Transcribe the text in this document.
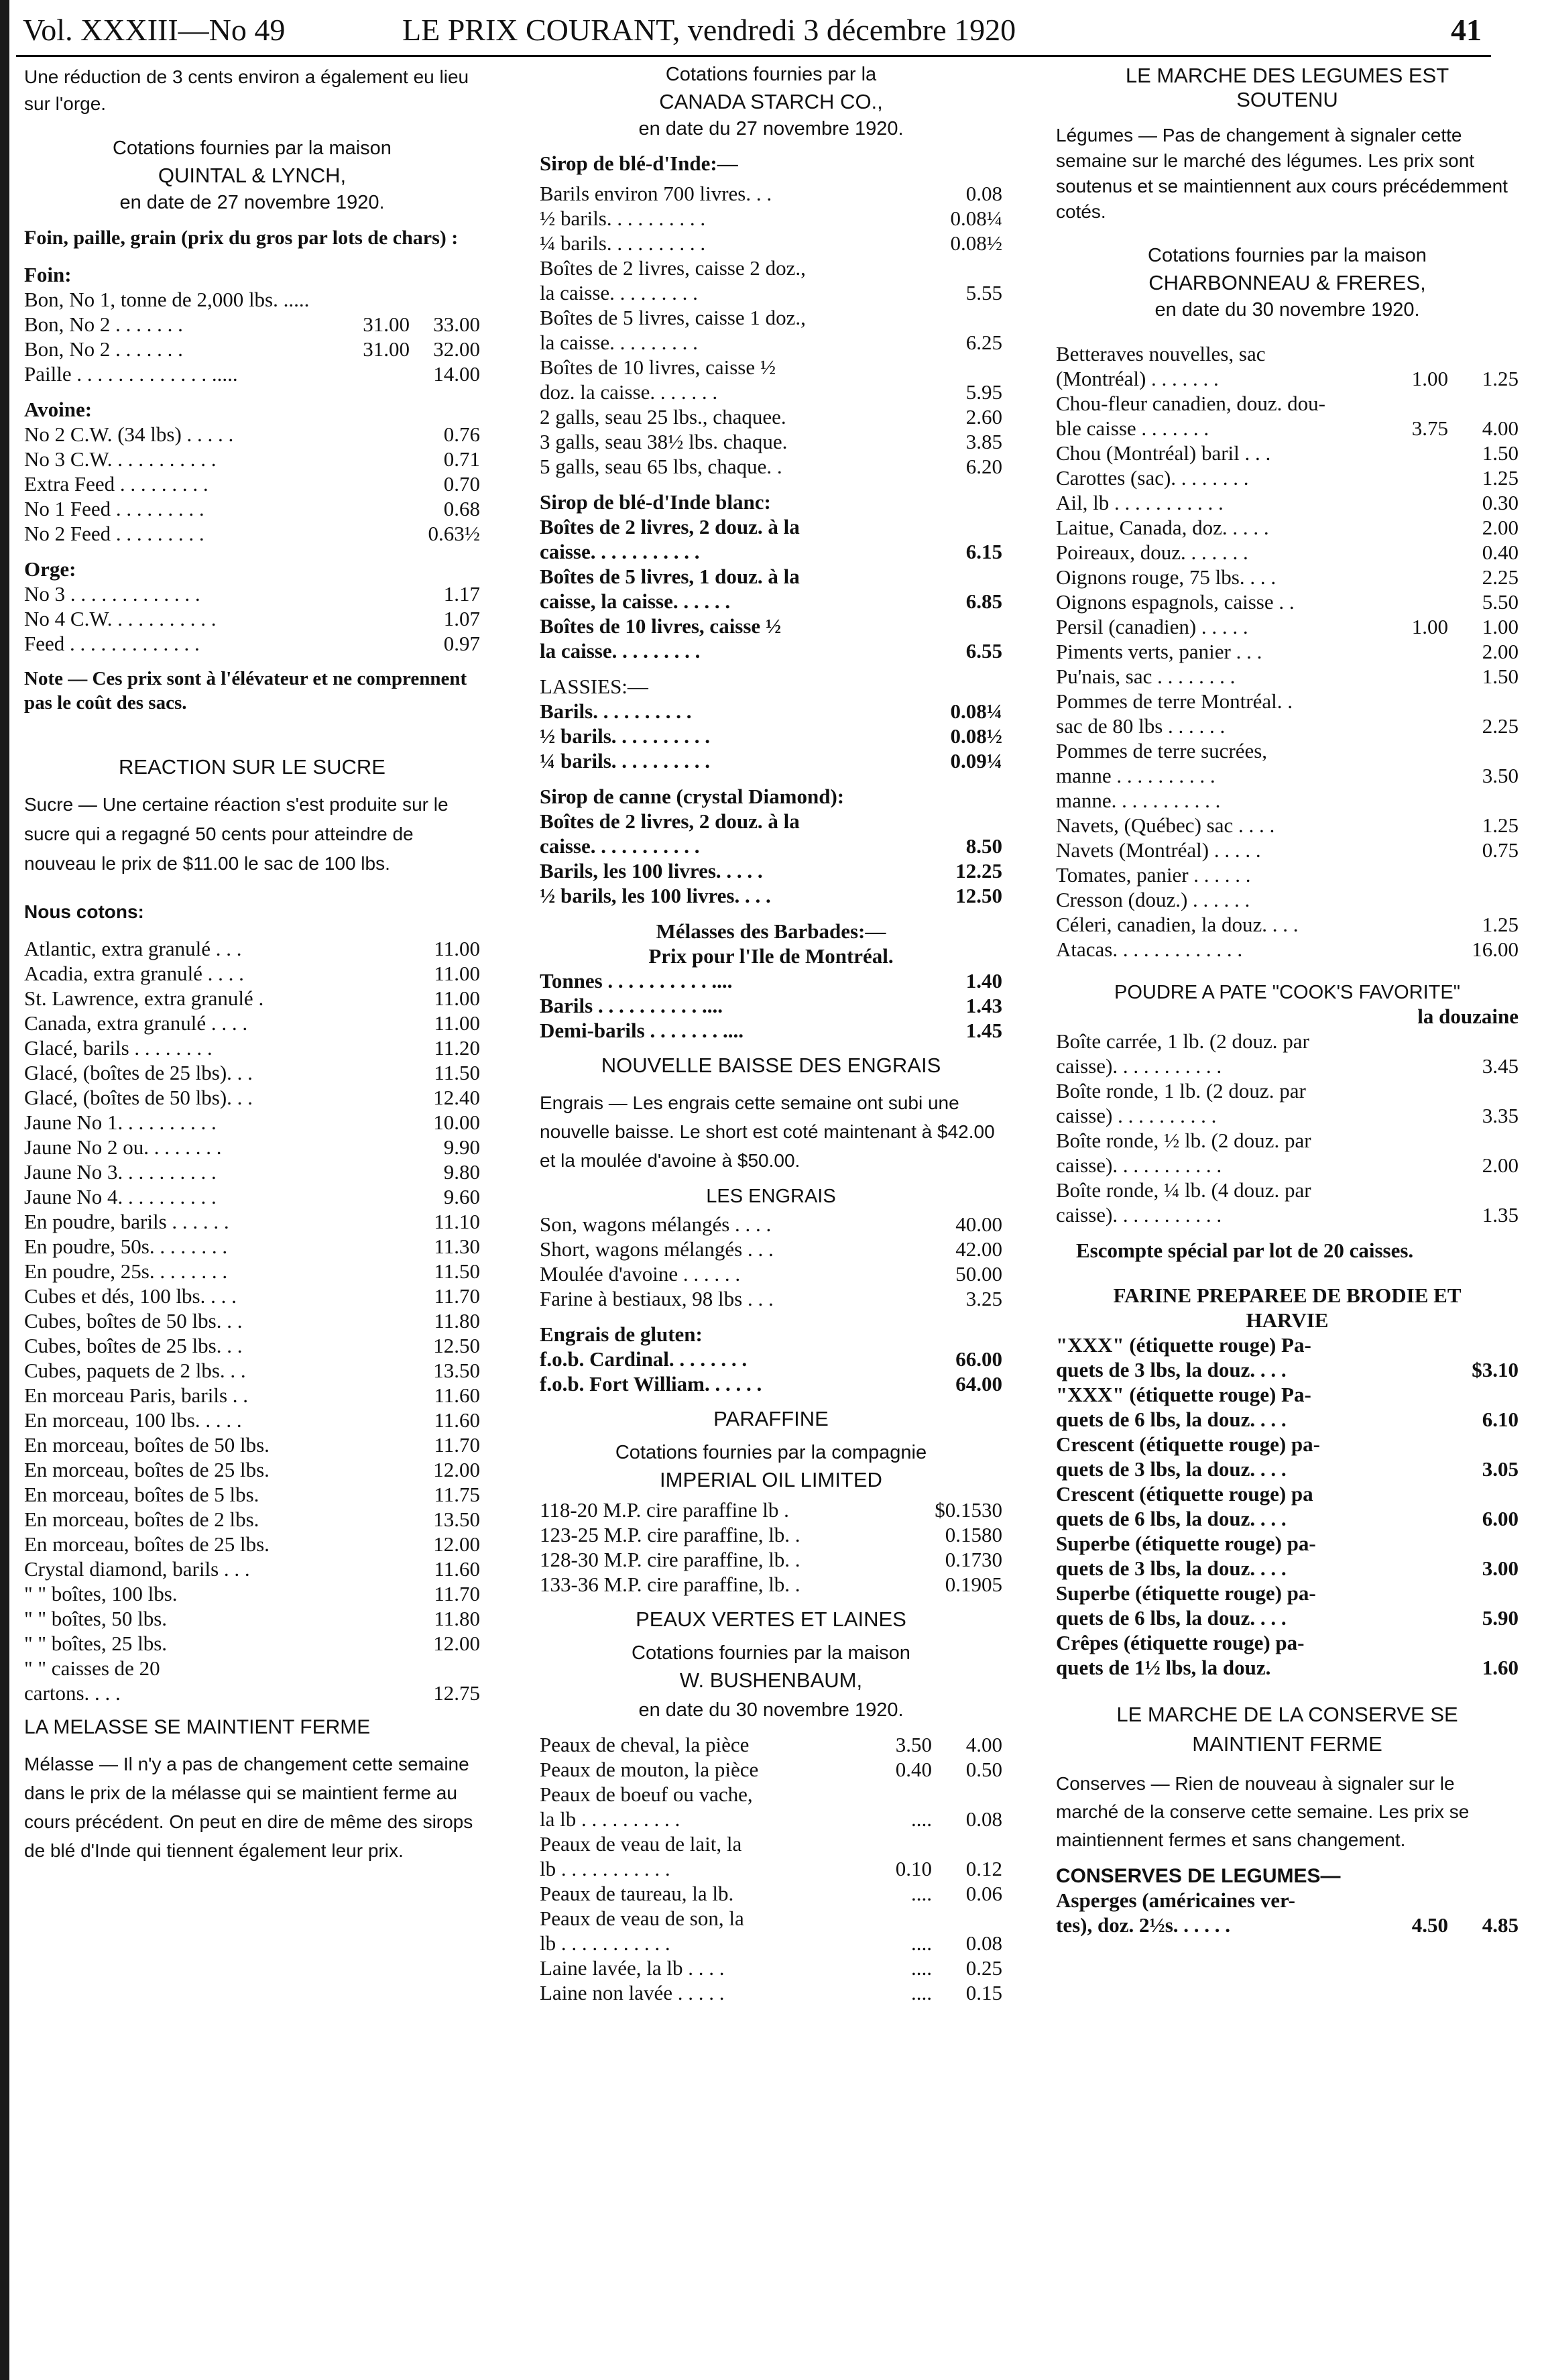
Vol. XXXIII—No 49	LE PRIX COURANT, vendredi 3 décembre 1920	41
Une réduction de 3 cents environ a également eu lieu sur l'orge.
Cotations fournies par la maison
QUINTAL & LYNCH,
en date de 27 novembre 1920.
Foin, paille, grain (prix du gros par lots de chars) :
Foin:
Bon, No 1, tonne de 2,000 lbs. .....
Bon, No 2 . . . . . . .	31.00	33.00
Bon, No 2 . . . . . . .	31.00	32.00
Paille . . . . . . . . . . . . . .....	14.00
Avoine:
No 2 C.W. (34 lbs) . . . . .	0.76
No 3 C.W. . . . . . . . . . .	0.71
Extra Feed . . . . . . . . .	0.70
No 1 Feed . . . . . . . . .	0.68
No 2 Feed . . . . . . . . .	0.63½
Orge:
No 3 . . . . . . . . . . . . .	1.17
No 4 C.W. . . . . . . . . . .	1.07
Feed . . . . . . . . . . . . .	0.97
Note — Ces prix sont à l'élévateur et ne comprennent pas le coût des sacs.
REACTION SUR LE SUCRE
Sucre — Une certaine réaction s'est produite sur le sucre qui a regagné 50 cents pour atteindre de nouveau le prix de $11.00 le sac de 100 lbs.
Nous cotons:
Atlantic, extra granulé . . .	11.00
Acadia, extra granulé . . . .	11.00
St. Lawrence, extra granulé .	11.00
Canada, extra granulé . . . .	11.00
Glacé, barils . . . . . . . .	11.20
Glacé, (boîtes de 25 lbs). . .	11.50
Glacé, (boîtes de 50 lbs). . .	12.40
Jaune No 1. . . . . . . . . .	10.00
Jaune No 2 ou. . . . . . . .	9.90
Jaune No 3. . . . . . . . . .	9.80
Jaune No 4. . . . . . . . . .	9.60
En poudre, barils . . . . . .	11.10
En poudre, 50s. . . . . . . .	11.30
En poudre, 25s. . . . . . . .	11.50
Cubes et dés, 100 lbs. . . .	11.70
Cubes, boîtes de 50 lbs. . .	11.80
Cubes, boîtes de 25 lbs. . .	12.50
Cubes, paquets de 2 lbs. . .	13.50
En morceau Paris, barils . .	11.60
En morceau, 100 lbs. . . . .	11.60
En morceau, boîtes de 50 lbs.	11.70
En morceau, boîtes de 25 lbs.	12.00
En morceau, boîtes de 5 lbs.	11.75
En morceau, boîtes de 2 lbs.	13.50
En morceau, boîtes de 25 lbs.	12.00
Crystal diamond, barils . . .	11.60
" " boîtes, 100 lbs.	11.70
" " boîtes, 50 lbs.	11.80
" " boîtes, 25 lbs.	12.00
" " caisses de 20
cartons. . . .	12.75
LA MELASSE SE MAINTIENT FERME
Mélasse — Il n'y a pas de changement cette semaine dans le prix de la mélasse qui se maintient ferme au cours précédent. On peut en dire de même des sirops de blé d'Inde qui tiennent également leur prix.
Cotations fournies par la
CANADA STARCH CO.,
en date du 27 novembre 1920.
Sirop de blé-d'Inde:—
Barils environ 700 livres. . .	0.08
½ barils. . . . . . . . . .	0.08¼
¼ barils. . . . . . . . . .	0.08½
Boîtes de 2 livres, caisse 2 doz.,
la caisse. . . . . . . . .	5.55
Boîtes de 5 livres, caisse 1 doz.,
la caisse. . . . . . . . .	6.25
Boîtes de 10 livres, caisse ½
doz. la caisse. . . . . . .	5.95
2 galls, seau 25 lbs., chaquee.	2.60
3 galls, seau 38½ lbs. chaque.	3.85
5 galls, seau 65 lbs, chaque. .	6.20
Sirop de blé-d'Inde blanc:
Boîtes de 2 livres, 2 douz. à la
caisse. . . . . . . . . . .	6.15
Boîtes de 5 livres, 1 douz. à la
caisse, la caisse. . . . . .	6.85
Boîtes de 10 livres, caisse ½
la caisse. . . . . . . . .	6.55
LASSIES:—
Barils. . . . . . . . . .	0.08¼
½ barils. . . . . . . . . .	0.08½
¼ barils. . . . . . . . . .	0.09¼
Sirop de canne (crystal Diamond):
Boîtes de 2 livres, 2 douz. à la
caisse. . . . . . . . . . .	8.50
Barils, les 100 livres. . . . .	12.25
½ barils, les 100 livres. . . .	12.50
Mélasses des Barbades:—
Prix pour l'Ile de Montréal.
Tonnes . . . . . . . . . . ....	1.40
Barils . . . . . . . . . . ....	1.43
Demi-barils . . . . . . . ....	1.45
NOUVELLE BAISSE DES ENGRAIS
Engrais — Les engrais cette semaine ont subi une nouvelle baisse. Le short est coté maintenant à $42.00 et la moulée d'avoine à $50.00.
LES ENGRAIS
Son, wagons mélangés . . . .	40.00
Short, wagons mélangés . . .	42.00
Moulée d'avoine . . . . . .	50.00
Farine à bestiaux, 98 lbs . . .	3.25
Engrais de gluten:
f.o.b. Cardinal. . . . . . . .	66.00
f.o.b. Fort William. . . . . .	64.00
PARAFFINE
Cotations fournies par la compagnie
IMPERIAL OIL LIMITED
118-20 M.P. cire paraffine lb .	$0.1530
123-25 M.P. cire paraffine, lb. .	0.1580
128-30 M.P. cire paraffine, lb. .	0.1730
133-36 M.P. cire paraffine, lb. .	0.1905
PEAUX VERTES ET LAINES
Cotations fournies par la maison
W. BUSHENBAUM,
en date du 30 novembre 1920.
Peaux de cheval, la pièce	3.50	4.00
Peaux de mouton, la pièce	0.40	0.50
Peaux de boeuf ou vache,
la lb . . . . . . . . . .	....	0.08
Peaux de veau de lait, la
lb . . . . . . . . . . .	0.10	0.12
Peaux de taureau, la lb.	....	0.06
Peaux de veau de son, la
lb . . . . . . . . . . .	....	0.08
Laine lavée, la lb . . . .	....	0.25
Laine non lavée . . . . .	....	0.15
LE MARCHE DES LEGUMES EST SOUTENU
Légumes — Pas de changement à signaler cette semaine sur le marché des légumes. Les prix sont soutenus et se maintiennent aux cours précédemment cotés.
Cotations fournies par la maison
CHARBONNEAU & FRERES,
en date du 30 novembre 1920.
Betteraves nouvelles, sac
(Montréal) . . . . . . .	1.00	1.25
Chou-fleur canadien, douz. dou-
ble caisse . . . . . . .	3.75	4.00
Chou (Montréal) baril . . .	1.50
Carottes (sac). . . . . . . .	1.25
Ail, lb . . . . . . . . . . .	0.30
Laitue, Canada, doz. . . . .	2.00
Poireaux, douz. . . . . . .	0.40
Oignons rouge, 75 lbs. . . .	2.25
Oignons espagnols, caisse . .	5.50
Persil (canadien) . . . . .	1.00	1.00
Piments verts, panier . . .	2.00
Pu'nais, sac . . . . . . . .	1.50
Pommes de terre Montréal. .
sac de 80 lbs . . . . . .	2.25
Pommes de terre sucrées,
manne . . . . . . . . . .	3.50
manne. . . . . . . . . . .
Navets, (Québec) sac . . . .	1.25
Navets (Montréal) . . . . .	0.75
Tomates, panier . . . . . .
Cresson (douz.) . . . . . .
Céleri, canadien, la douz. . . .	1.25
Atacas. . . . . . . . . . . . .	16.00
POUDRE A PATE "COOK'S FAVORITE"
la douzaine
Boîte carrée, 1 lb. (2 douz. par
caisse). . . . . . . . . . .	3.45
Boîte ronde, 1 lb. (2 douz. par
caisse) . . . . . . . . . .	3.35
Boîte ronde, ½ lb. (2 douz. par
caisse). . . . . . . . . . .	2.00
Boîte ronde, ¼ lb. (4 douz. par
caisse). . . . . . . . . . .	1.35
Escompte spécial par lot de 20 caisses.
FARINE PREPAREE DE BRODIE ET HARVIE
"XXX" (étiquette rouge) Pa-
quets de 3 lbs, la douz. . . .	$3.10
"XXX" (étiquette rouge) Pa-
quets de 6 lbs, la douz. . . .	6.10
Crescent (étiquette rouge) pa-
quets de 3 lbs, la douz. . . .	3.05
Crescent (étiquette rouge) pa
quets de 6 lbs, la douz. . . .	6.00
Superbe (étiquette rouge) pa-
quets de 3 lbs, la douz. . . .	3.00
Superbe (étiquette rouge) pa-
quets de 6 lbs, la douz. . . .	5.90
Crêpes (étiquette rouge) pa-
quets de 1½ lbs, la douz.	1.60
LE MARCHE DE LA CONSERVE SE MAINTIENT FERME
Conserves — Rien de nouveau à signaler sur le marché de la conserve cette semaine. Les prix se maintiennent fermes et sans changement.
CONSERVES DE LEGUMES—
Asperges (américaines ver-
tes), doz. 2½s. . . . . .	4.50	4.85
